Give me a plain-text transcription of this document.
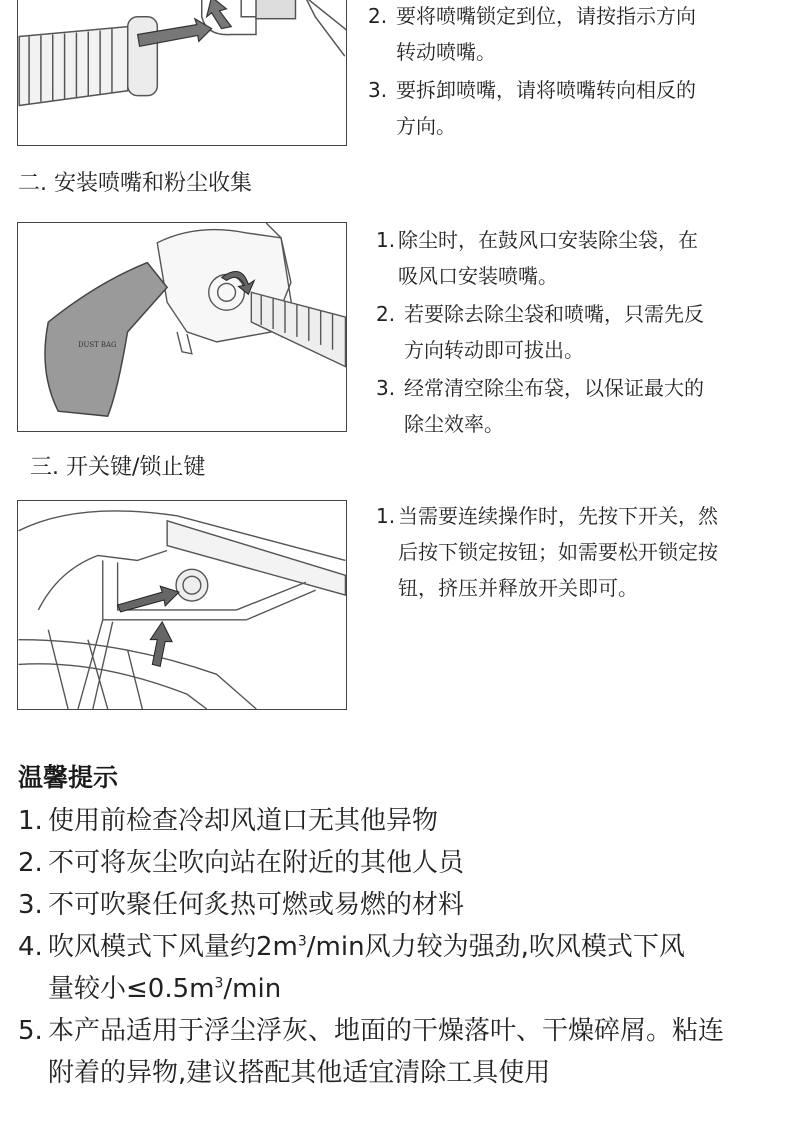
2. 要将喷嘴锁定到位，请按指示方向
转动喷嘴。
3. 要拆卸喷嘴，请将喷嘴转向相反的
方向。
二. 安装喷嘴和粉尘收集
DUST BAG
1. 除尘时，在鼓风口安装除尘袋，在
吸风口安装喷嘴。
2. 若要除去除尘袋和喷嘴，只需先反
方向转动即可拔出。
3. 经常清空除尘布袋，以保证最大的
除尘效率。
三. 开关键/锁止键
1. 当需要连续操作时，先按下开关，然
后按下锁定按钮；如需要松开锁定按
钮，挤压并释放开关即可。
温馨提示
1. 使用前检查冷却风道口无其他异物
2. 不可将灰尘吹向站在附近的其他人员
3. 不可吹聚任何炙热可燃或易燃的材料
4. 吹风模式下风量约$2m^3/\min$风力较为强劲,吹风模式下风
量较小$\le 0.5m^3/\min$
5. 本产品适用于浮尘浮灰、地面的干燥落叶、干燥碎屑。粘连
附着的异物,建议搭配其他适宜清除工具使用
